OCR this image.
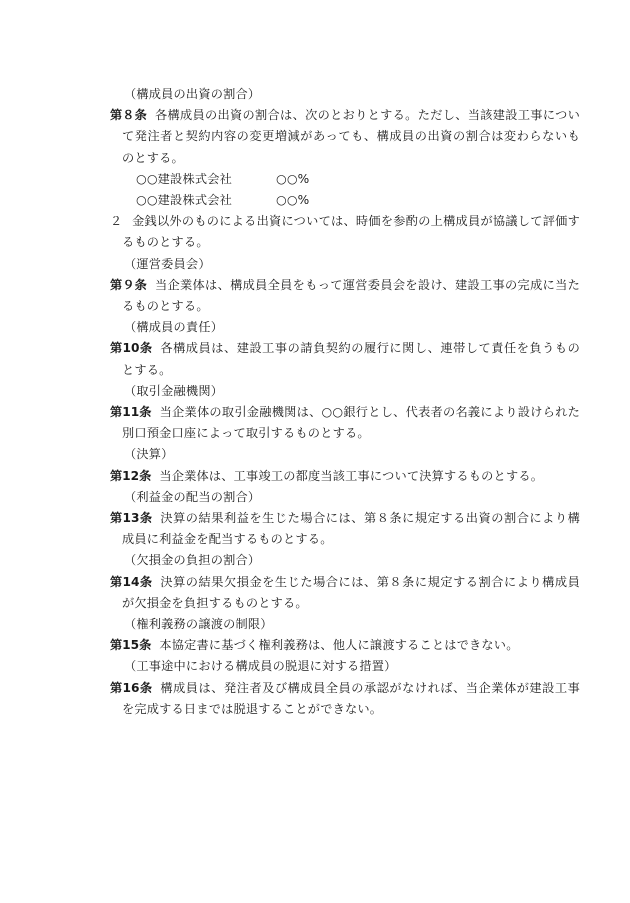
（構成員の出資の割合）
第８条 各構成員の出資の割合は、次のとおりとする。ただし、当該建設工事について発注者と契約内容の変更増減があっても、構成員の出資の割合は変わらないものとする。
○○建設株式会社	○○%
○○建設株式会社	○○%
２ 金銭以外のものによる出資については、時価を参酌の上構成員が協議して評価するものとする。
（運営委員会）
第９条 当企業体は、構成員全員をもって運営委員会を設け、建設工事の完成に当たるものとする。
（構成員の責任）
第10条 各構成員は、建設工事の請負契約の履行に関し、連帯して責任を負うものとする。
（取引金融機関）
第11条 当企業体の取引金融機関は、○○銀行とし、代表者の名義により設けられた別口預金口座によって取引するものとする。
（決算）
第12条 当企業体は、工事竣工の都度当該工事について決算するものとする。
（利益金の配当の割合）
第13条 決算の結果利益を生じた場合には、第８条に規定する出資の割合により構成員に利益金を配当するものとする。
（欠損金の負担の割合）
第14条 決算の結果欠損金を生じた場合には、第８条に規定する割合により構成員が欠損金を負担するものとする。
（権利義務の譲渡の制限）
第15条 本協定書に基づく権利義務は、他人に譲渡することはできない。
（工事途中における構成員の脱退に対する措置）
第16条 構成員は、発注者及び構成員全員の承認がなければ、当企業体が建設工事を完成する日までは脱退することができない。
